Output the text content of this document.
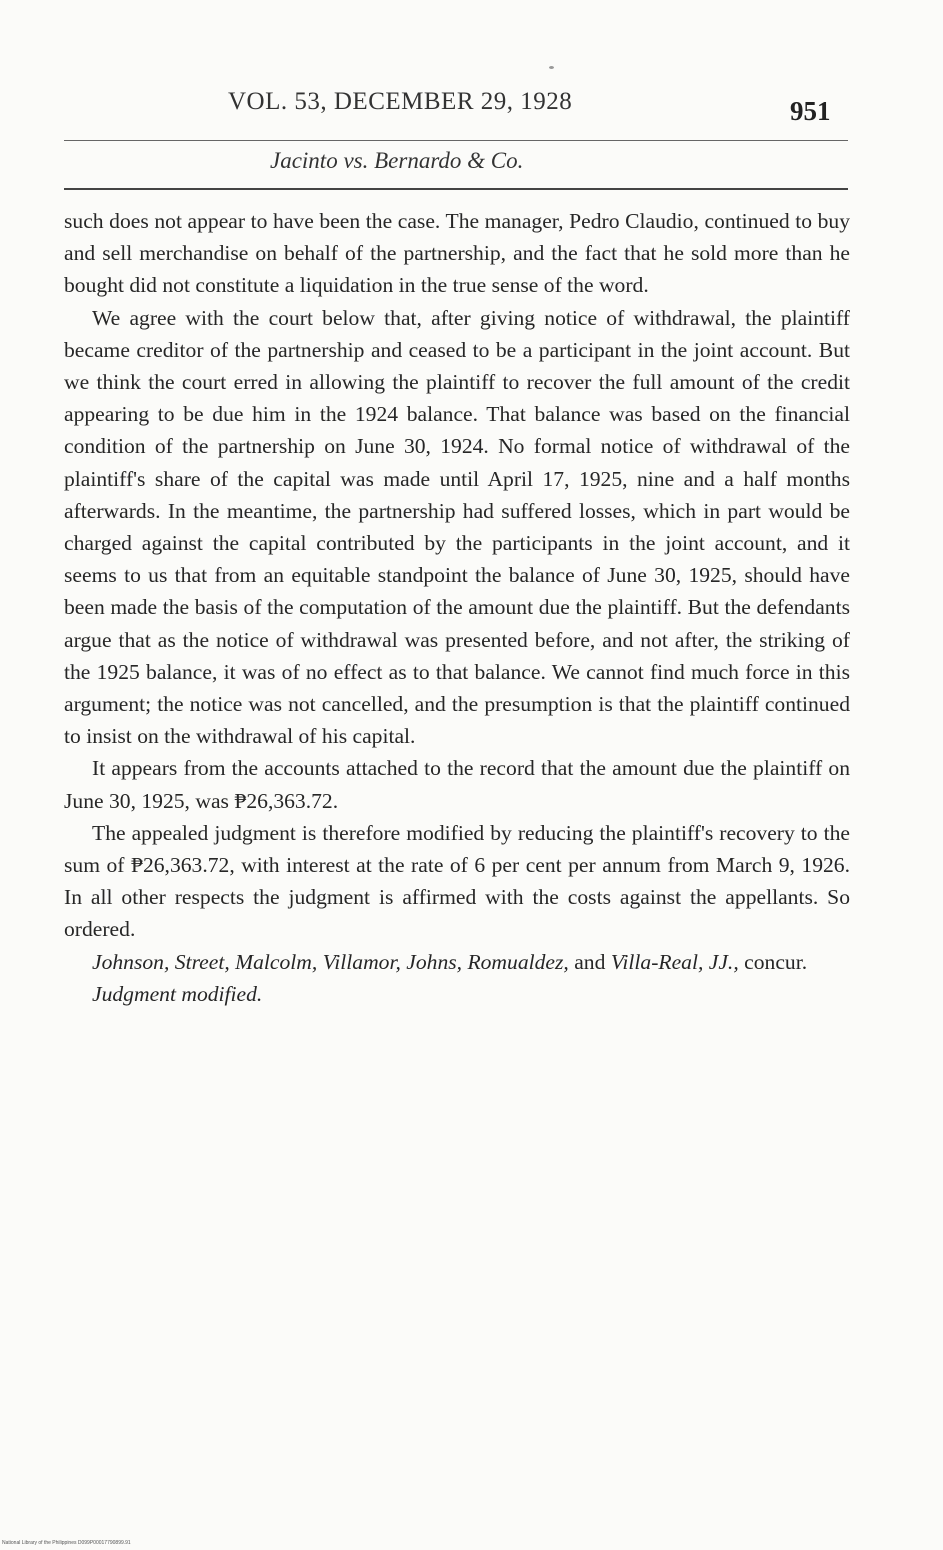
VOL. 53, DECEMBER 29, 1928	951
Jacinto vs. Bernardo & Co.

such does not appear to have been the case. The manager, Pedro Claudio, continued to buy and sell merchandise on behalf of the partnership, and the fact that he sold more than he bought did not constitute a liquidation in the true sense of the word.

We agree with the court below that, after giving notice of withdrawal, the plaintiff became creditor of the partnership and ceased to be a participant in the joint account. But we think the court erred in allowing the plaintiff to recover the full amount of the credit appearing to be due him in the 1924 balance. That balance was based on the financial condition of the partnership on June 30, 1924. No formal notice of withdrawal of the plaintiff's share of the capital was made until April 17, 1925, nine and a half months afterwards. In the meantime, the partnership had suffered losses, which in part would be charged against the capital contributed by the participants in the joint account, and it seems to us that from an equitable standpoint the balance of June 30, 1925, should have been made the basis of the computation of the amount due the plaintiff. But the defendants argue that as the notice of withdrawal was presented before, and not after, the striking of the 1925 balance, it was of no effect as to that balance. We cannot find much force in this argument; the notice was not cancelled, and the presumption is that the plaintiff continued to insist on the withdrawal of his capital.

It appears from the accounts attached to the record that the amount due the plaintiff on June 30, 1925, was ₱26,363.72.

The appealed judgment is therefore modified by reducing the plaintiff's recovery to the sum of ₱26,363.72, with interest at the rate of 6 per cent per annum from March 9, 1926. In all other respects the judgment is affirmed with the costs against the appellants. So ordered.

Johnson, Street, Malcolm, Villamor, Johns, Romualdez, and Villa-Real, JJ., concur.

Judgment modified.

National Library of the Philippines D099P00017790899.91
